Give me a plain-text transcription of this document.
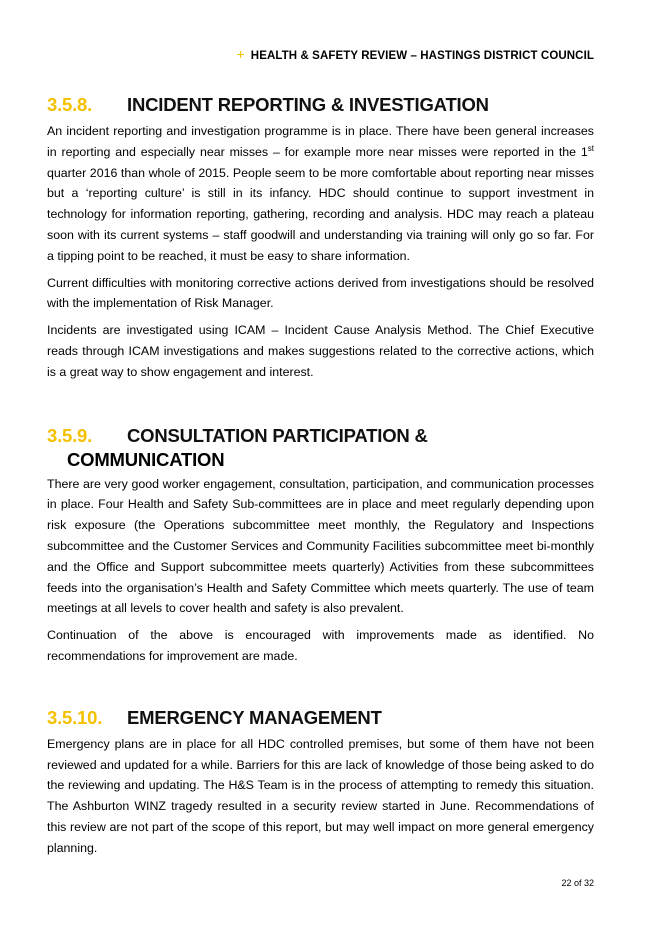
+ HEALTH & SAFETY REVIEW – HASTINGS DISTRICT COUNCIL
3.5.8.	INCIDENT REPORTING & INVESTIGATION

An incident reporting and investigation programme is in place. There have been general increases in reporting and especially near misses – for example more near misses were reported in the 1st quarter 2016 than whole of 2015. People seem to be more comfortable about reporting near misses but a ‘reporting culture’ is still in its infancy. HDC should continue to support investment in technology for information reporting, gathering, recording and analysis. HDC may reach a plateau soon with its current systems – staff goodwill and understanding via training will only go so far. For a tipping point to be reached, it must be easy to share information.

Current difficulties with monitoring corrective actions derived from investigations should be resolved with the implementation of Risk Manager.

Incidents are investigated using ICAM – Incident Cause Analysis Method. The Chief Executive reads through ICAM investigations and makes suggestions related to the corrective actions, which is a great way to show engagement and interest.

3.5.9.	CONSULTATION PARTICIPATION &
COMMUNICATION

There are very good worker engagement, consultation, participation, and communication processes in place. Four Health and Safety Sub-committees are in place and meet regularly depending upon risk exposure (the Operations subcommittee meet monthly, the Regulatory and Inspections subcommittee and the Customer Services and Community Facilities subcommittee meet bi-monthly and the Office and Support subcommittee meets quarterly) Activities from these subcommittees feeds into the organisation’s Health and Safety Committee which meets quarterly. The use of team meetings at all levels to cover health and safety is also prevalent.

Continuation of the above is encouraged with improvements made as identified. No recommendations for improvement are made.

3.5.10.	EMERGENCY MANAGEMENT

Emergency plans are in place for all HDC controlled premises, but some of them have not been reviewed and updated for a while. Barriers for this are lack of knowledge of those being asked to do the reviewing and updating. The H&S Team is in the process of attempting to remedy this situation. The Ashburton WINZ tragedy resulted in a security review started in June. Recommendations of this review are not part of the scope of this report, but may well impact on more general emergency planning.

22 of 32
